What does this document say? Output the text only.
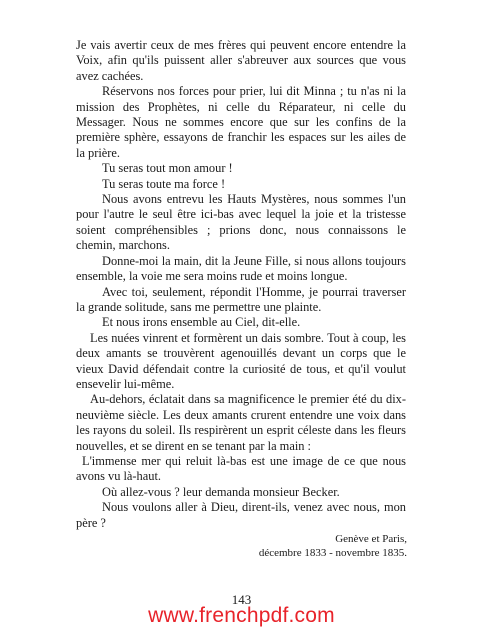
Je vais avertir ceux de mes frères qui peuvent encore entendre la Voix, afin qu'ils puissent aller s'abreuver aux sources que vous avez cachées.

Réservons nos forces pour prier, lui dit Minna ; tu n'as ni la mission des Prophètes, ni celle du Réparateur, ni celle du Messager. Nous ne sommes encore que sur les confins de la première sphère, essayons de franchir les espaces sur les ailes de la prière.

Tu seras tout mon amour !

Tu seras toute ma force !

Nous avons entrevu les Hauts Mystères, nous sommes l'un pour l'autre le seul être ici-bas avec lequel la joie et la tristesse soient compréhensibles ; prions donc, nous connaissons le chemin, marchons.

Donne-moi la main, dit la Jeune Fille, si nous allons toujours ensemble, la voie me sera moins rude et moins longue.

Avec toi, seulement, répondit l'Homme, je pourrai traverser la grande solitude, sans me permettre une plainte.

Et nous irons ensemble au Ciel, dit-elle.

Les nuées vinrent et formèrent un dais sombre. Tout à coup, les deux amants se trouvèrent agenouillés devant un corps que le vieux David défendait contre la curiosité de tous, et qu'il voulut ensevelir lui-même.

Au-dehors, éclatait dans sa magnificence le premier été du dix-neuvième siècle. Les deux amants crurent entendre une voix dans les rayons du soleil. Ils respirèrent un esprit céleste dans les fleurs nouvelles, et se dirent en se tenant par la main :

L'immense mer qui reluit là-bas est une image de ce que nous avons vu là-haut.

Où allez-vous ? leur demanda monsieur Becker.

Nous voulons aller à Dieu, dirent-ils, venez avec nous, mon père ?

Genève et Paris,

décembre 1833 - novembre 1835.

143
www.frenchpdf.com
